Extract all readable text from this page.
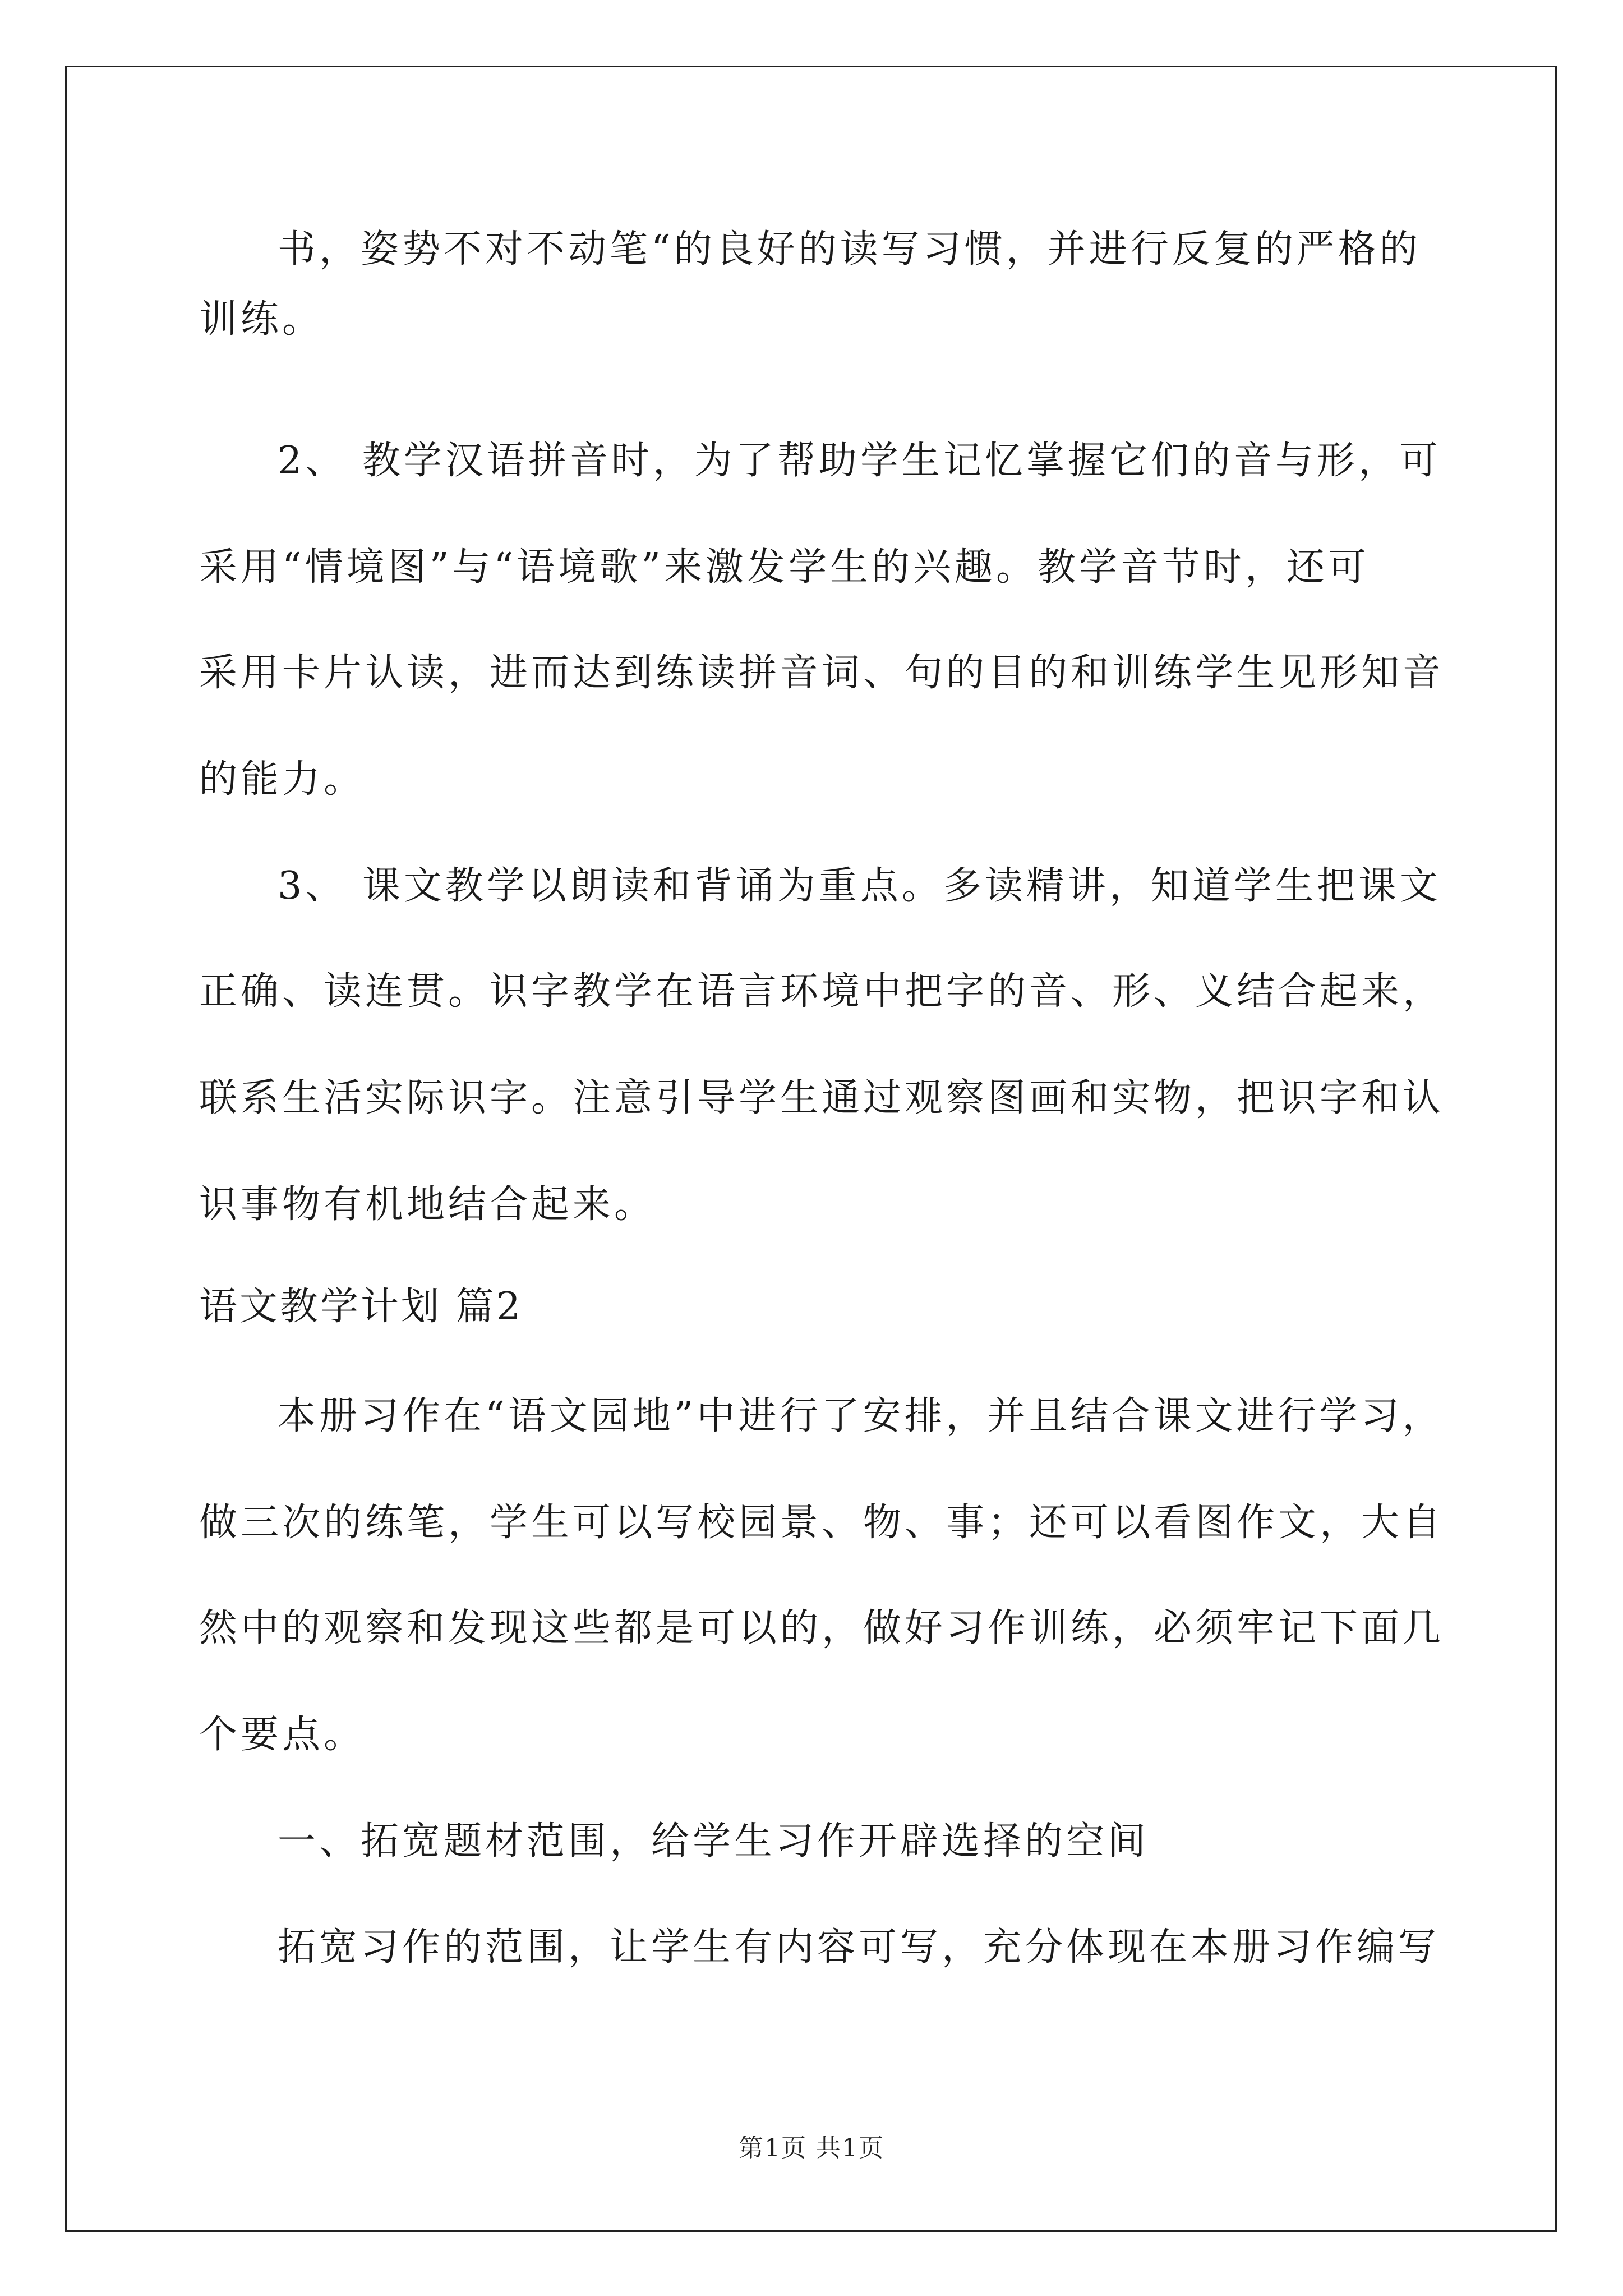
书，姿势不对不动笔“的良好的读写习惯，并进行反复的严格的
训练。
2、 教学汉语拼音时，为了帮助学生记忆掌握它们的音与形，可
采用“情境图”与“语境歌”来激发学生的兴趣。教学音节时，还可
采用卡片认读，进而达到练读拼音词、句的目的和训练学生见形知音
的能力。
3、 课文教学以朗读和背诵为重点。多读精讲，知道学生把课文
正确、读连贯。识字教学在语言环境中把字的音、形、义结合起来，
联系生活实际识字。注意引导学生通过观察图画和实物，把识字和认
识事物有机地结合起来。
语文教学计划 篇2
本册习作在“语文园地”中进行了安排，并且结合课文进行学习，
做三次的练笔，学生可以写校园景、物、事；还可以看图作文，大自
然中的观察和发现这些都是可以的，做好习作训练，必须牢记下面几
个要点。
一、拓宽题材范围，给学生习作开辟选择的空间
拓宽习作的范围，让学生有内容可写，充分体现在本册习作编写
第1页 共1页
